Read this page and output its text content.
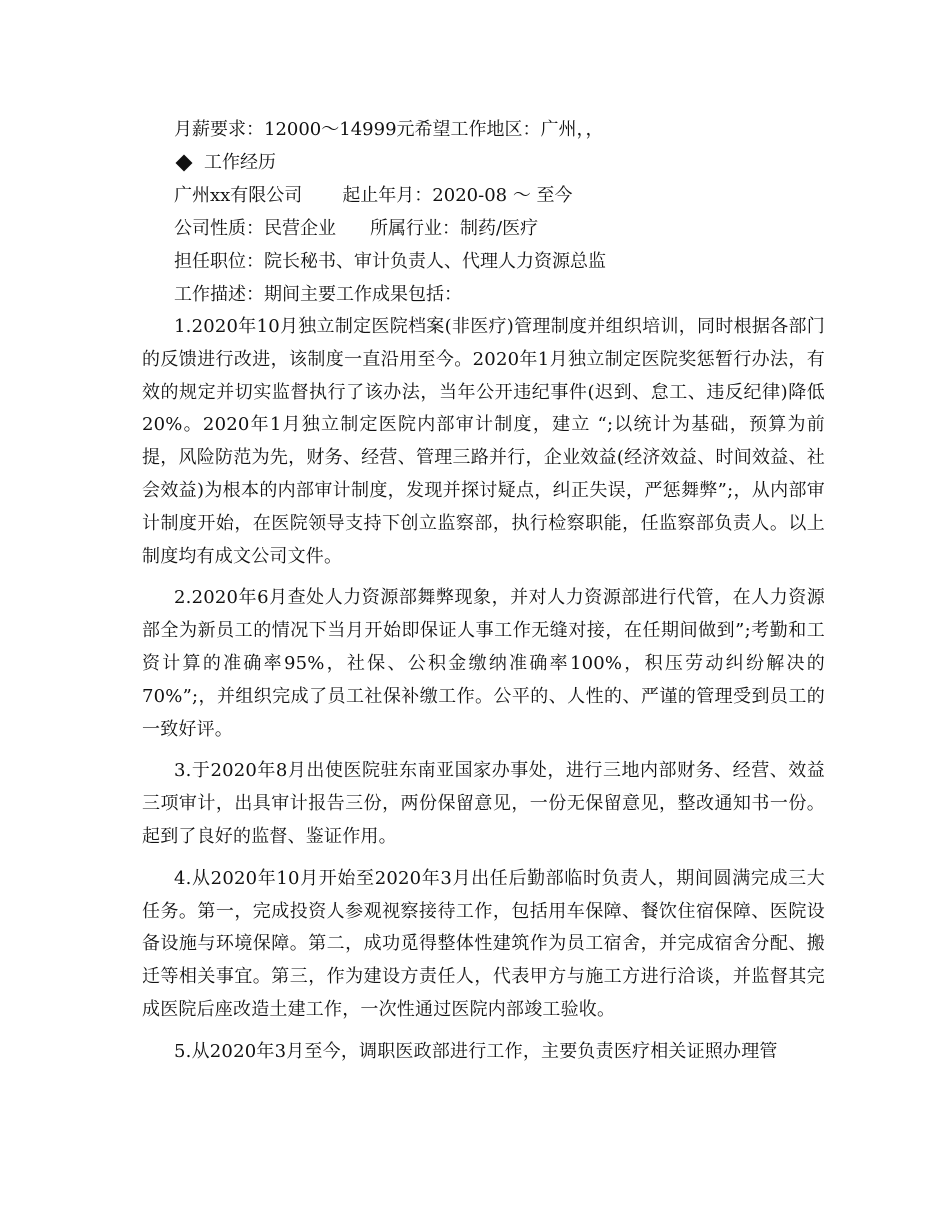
月薪要求：12000～14999元希望工作地区：广州，，
工作经历
广州xx有限公司 起止年月：2020-08 ～ 至今
公司性质：民营企业 所属行业：制药/医疗
担任职位：院长秘书、审计负责人、代理人力资源总监
工作描述：期间主要工作成果包括：

1.2020年10月独立制定医院档案(非医疗)管理制度并组织培训，同时根据各部门的反馈进行改进，该制度一直沿用至今。2020年1月独立制定医院奖惩暂行办法，有效的规定并切实监督执行了该办法，当年公开违纪事件(迟到、怠工、违反纪律)降低20%。2020年1月独立制定医院内部审计制度，建立 “;以统计为基础，预算为前提，风险防范为先，财务、经营、管理三路并行，企业效益(经济效益、时间效益、社会效益)为根本的内部审计制度，发现并探讨疑点，纠正失误，严惩舞弊”;，从内部审计制度开始，在医院领导支持下创立监察部，执行检察职能，任监察部负责人。以上制度均有成文公司文件。

2.2020年6月查处人力资源部舞弊现象，并对人力资源部进行代管，在人力资源部全为新员工的情况下当月开始即保证人事工作无缝对接，在任期间做到”;考勤和工资计算的准确率95%，社保、公积金缴纳准确率100%，积压劳动纠纷解决的70%”;，并组织完成了员工社保补缴工作。公平的、人性的、严谨的管理受到员工的一致好评。

3.于2020年8月出使医院驻东南亚国家办事处，进行三地内部财务、经营、效益三项审计，出具审计报告三份，两份保留意见，一份无保留意见，整改通知书一份。起到了良好的监督、鉴证作用。

4.从2020年10月开始至2020年3月出任后勤部临时负责人，期间圆满完成三大任务。第一，完成投资人参观视察接待工作，包括用车保障、餐饮住宿保障、医院设备设施与环境保障。第二，成功觅得整体性建筑作为员工宿舍，并完成宿舍分配、搬迁等相关事宜。第三，作为建设方责任人，代表甲方与施工方进行洽谈，并监督其完成医院后座改造土建工作，一次性通过医院内部竣工验收。

5.从2020年3月至今，调职医政部进行工作，主要负责医疗相关证照办理管
